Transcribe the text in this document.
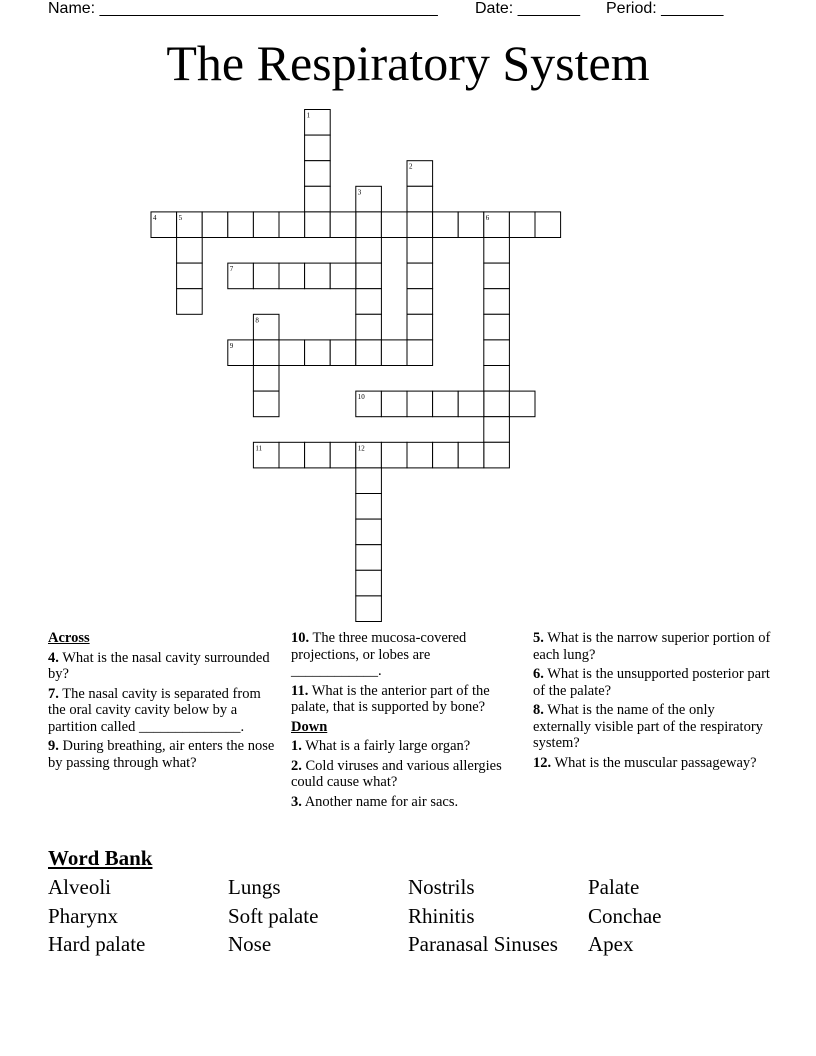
Name: ______________________________________ Date: _______ Period: _______
The Respiratory System
1
2
3
4	5	6
7
8
9
10
11	12
Across
4. What is the nasal cavity surrounded by?
7. The nasal cavity is separated from the oral cavity cavity below by a partition called ______________.
9. During breathing, air enters the nose by passing through what?
10. The three mucosa-covered projections, or lobes are ____________.
11. What is the anterior part of the palate, that is supported by bone?
Down
1. What is a fairly large organ?
2. Cold viruses and various allergies could cause what?
3. Another name for air sacs.
5. What is the narrow superior portion of each lung?
6. What is the unsupported posterior part of the palate?
8. What is the name of the only externally visible part of the respiratory system?
12. What is the muscular passageway?
Word Bank
Alveoli	Lungs	Nostrils	Palate
Pharynx	Soft palate	Rhinitis	Conchae
Hard palate	Nose	Paranasal Sinuses Apex
